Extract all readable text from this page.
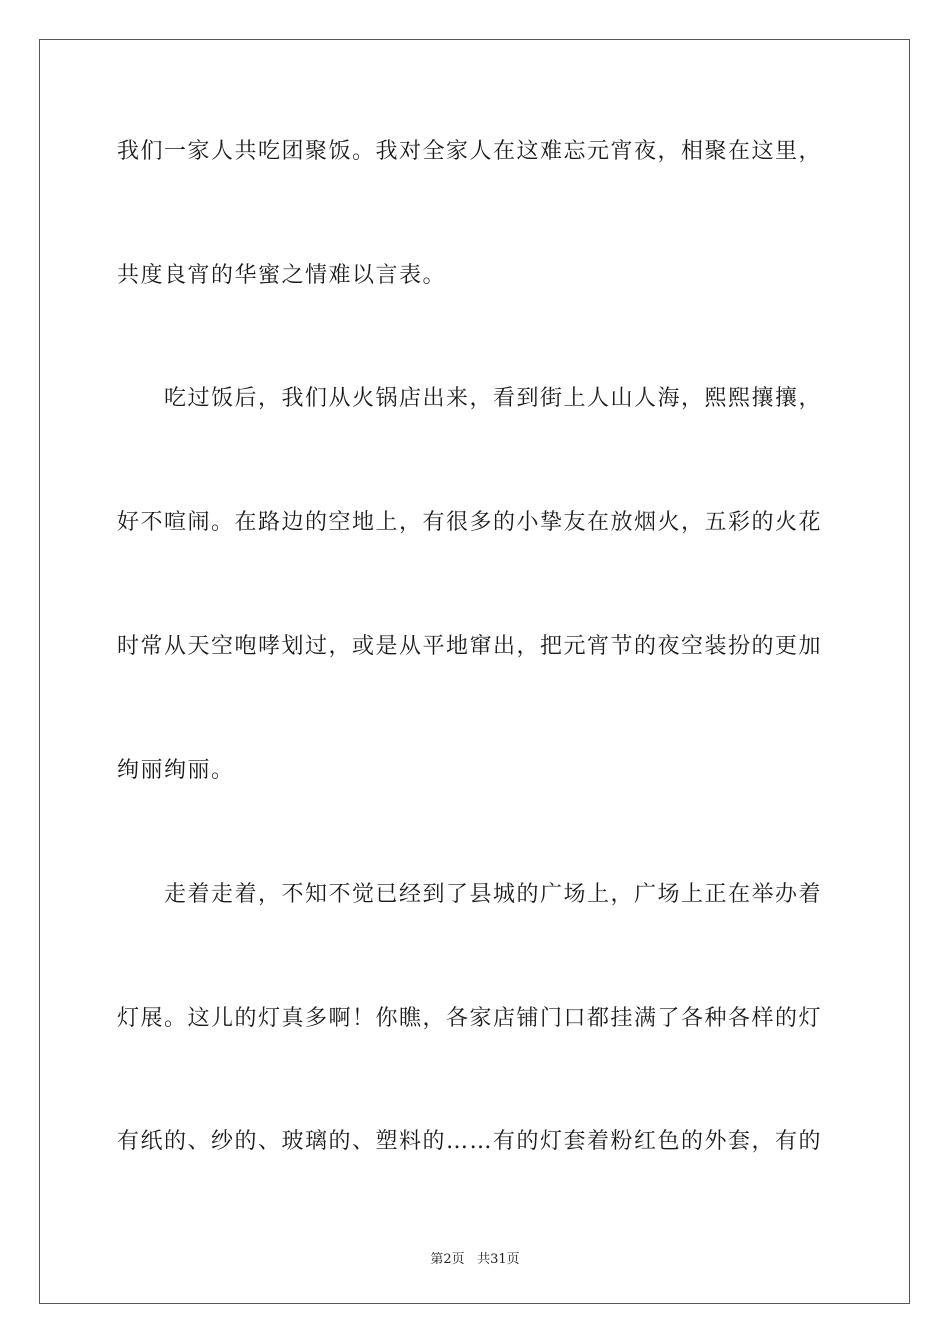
我们一家人共吃团聚饭。我对全家人在这难忘元宵夜，相聚在这里，
共度良宵的华蜜之情难以言表。
吃过饭后，我们从火锅店出来，看到街上人山人海，熙熙攘攘，
好不喧闹。在路边的空地上，有很多的小挚友在放烟火，五彩的火花
时常从天空咆哮划过，或是从平地窜出，把元宵节的夜空装扮的更加
绚丽绚丽。
走着走着，不知不觉已经到了县城的广场上，广场上正在举办着
灯展。这儿的灯真多啊！你瞧，各家店铺门口都挂满了各种各样的灯
有纸的、纱的、玻璃的、塑料的……有的灯套着粉红色的外套，有的
第2页 共31页
